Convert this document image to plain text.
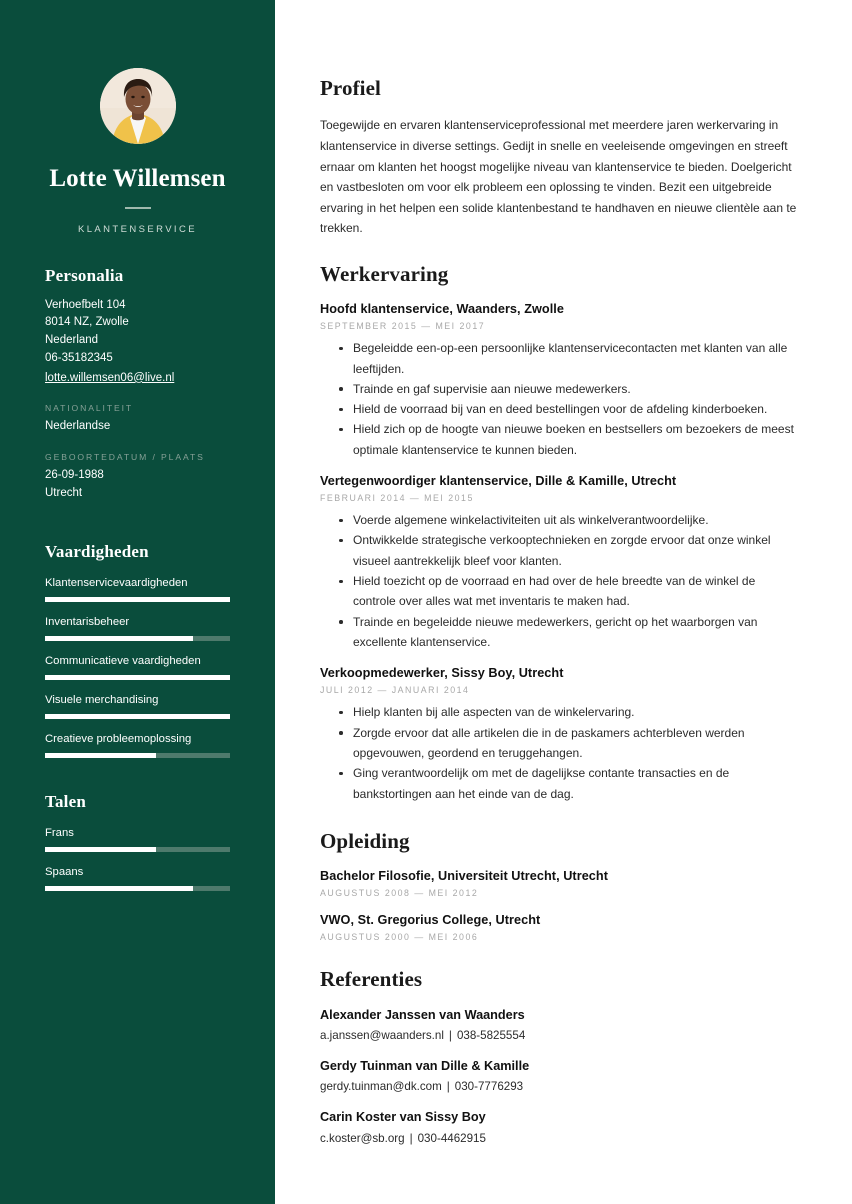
Lotte Willemsen
KLANTENSERVICE
Personalia
Verhoefbelt 104
8014 NZ, Zwolle
Nederland
06-35182345
lotte.willemsen06@live.nl
NATIONALITEIT
Nederlandse
GEBOORTEDATUM / PLAATS
26-09-1988
Utrecht
Vaardigheden
Klantenservicevaardigheden
Inventarisbeheer
Communicatieve vaardigheden
Visuele merchandising
Creatieve probleemoplossing
Talen
Frans
Spaans
Profiel

Toegewijde en ervaren klantenserviceprofessional met meerdere jaren werkervaring in klantenservice in diverse settings. Gedijt in snelle en veeleisende omgevingen en streeft ernaar om klanten het hoogst mogelijke niveau van klantenservice te bieden. Doelgericht en vastbesloten om voor elk probleem een oplossing te vinden. Bezit een uitgebreide ervaring in het helpen een solide klantenbestand te handhaven en nieuwe clientèle aan te trekken.

Werkervaring
Hoofd klantenservice, Waanders, Zwolle
SEPTEMBER 2015 — MEI 2017
Begeleidde een-op-een persoonlijke klantenservicecontacten met klanten van alle leeftijden.
Trainde en gaf supervisie aan nieuwe medewerkers.
Hield de voorraad bij van en deed bestellingen voor de afdeling kinderboeken.
Hield zich op de hoogte van nieuwe boeken en bestsellers om bezoekers de meest optimale klantenservice te kunnen bieden.
Vertegenwoordiger klantenservice, Dille & Kamille, Utrecht
FEBRUARI 2014 — MEI 2015
Voerde algemene winkelactiviteiten uit als winkelverantwoordelijke.
Ontwikkelde strategische verkooptechnieken en zorgde ervoor dat onze winkel visueel aantrekkelijk bleef voor klanten.
Hield toezicht op de voorraad en had over de hele breedte van de winkel de controle over alles wat met inventaris te maken had.
Trainde en begeleidde nieuwe medewerkers, gericht op het waarborgen van excellente klantenservice.
Verkoopmedewerker, Sissy Boy, Utrecht
JULI 2012 — JANUARI 2014
Hielp klanten bij alle aspecten van de winkelervaring.
Zorgde ervoor dat alle artikelen die in de paskamers achterbleven werden opgevouwen, geordend en teruggehangen.
Ging verantwoordelijk om met de dagelijkse contante transacties en de bankstortingen aan het einde van de dag.
Opleiding
Bachelor Filosofie, Universiteit Utrecht, Utrecht
AUGUSTUS 2008 — MEI 2012
VWO, St. Gregorius College, Utrecht
AUGUSTUS 2000 — MEI 2006
Referenties
Alexander Janssen van Waanders
a.janssen@waanders.nl | 038-5825554
Gerdy Tuinman van Dille & Kamille
gerdy.tuinman@dk.com | 030-7776293
Carin Koster van Sissy Boy
c.koster@sb.org | 030-4462915
